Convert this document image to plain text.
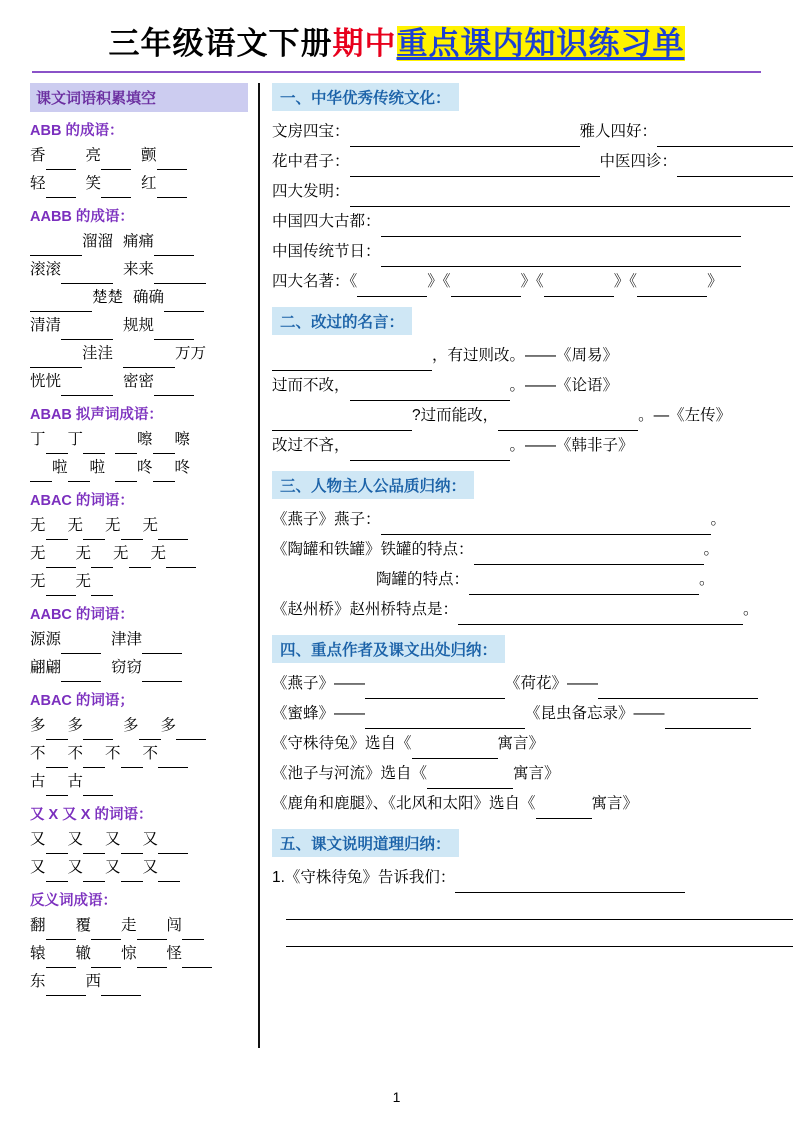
三年级语文下册期中重点课内知识练习单
课文词语积累填空
ABB 的成语：
香	亮	颤
轻	笑	红
AABB 的成语：
溜溜 痛痛
滚滚	来来
楚楚 确确
清清	规规
洼洼	万万
恍恍	密密
ABAB 拟声词成语：
丁 丁	嚓 嚓
啦 啦 咚 咚
ABAC 的词语：
无 无 无 无
无 无 无 无
无 无
AABC 的词语：
源源	津津
翩翩	窃窃
ABAC 的词语；
多 多	多 多
不 不 不 不
古 古
又 X 又 X 的词语：
又 又 又 又
又 又 又 又
反义词成语：
翻 覆 走 闯
辕 辙 惊 怪
东	西
一、中华优秀传统文化：
文房四宝：	雅人四好：
花中君子：	中医四诊：
四大发明：
中国四大古都：
中国传统节日：
四大名著：《	》《	》《	》《	》
二、改过的名言：
，有过则改。——《周易》
过而不改，	。——《论语》
?过而能改，	。—《左传》
改过不吝，	。——《韩非子》
三、人物主人公品质归纳：
《燕子》燕子：	。
《陶罐和铁罐》铁罐的特点：	。
陶罐的特点：	。
《赵州桥》赵州桥特点是：	。
四、重点作者及课文出处归纳：
《燕子》——	《荷花》——
《蜜蜂》——	《昆虫备忘录》——
《守株待兔》选自《	寓言》
《池子与河流》选自《	寓言》
《鹿角和鹿腿》、《北风和太阳》选自《	寓言》
五、课文说明道理归纳：
1.《守株待兔》告诉我们：
1
